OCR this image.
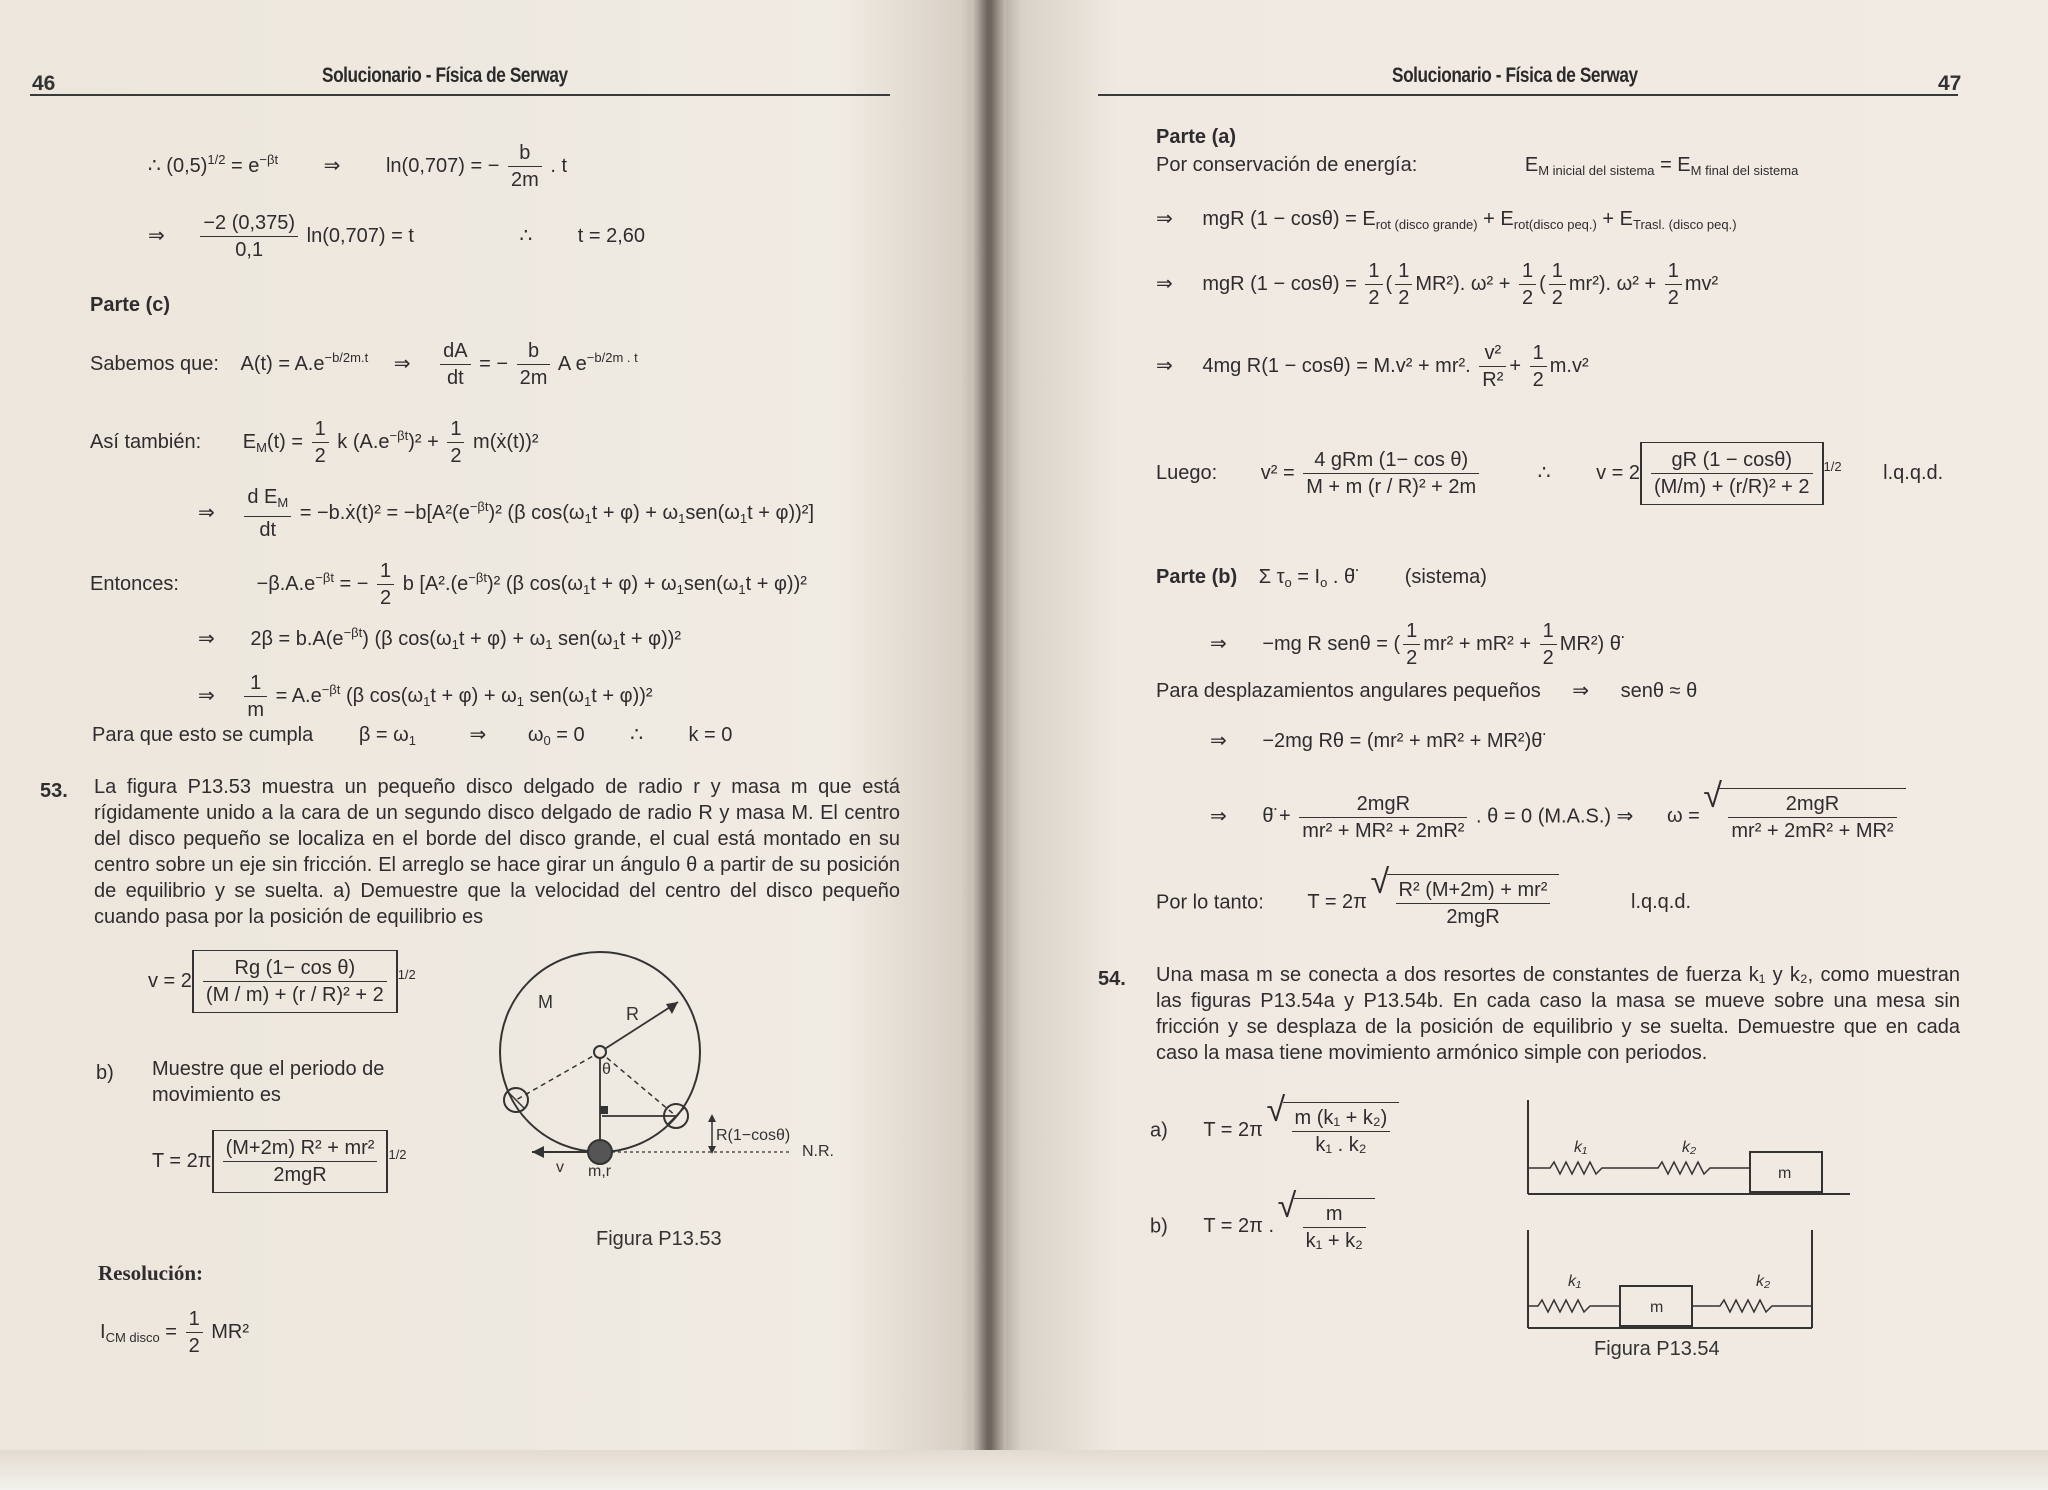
46	Solucionario - Física de Serway	Solucionario - Física de Serway	47
∴ $(0,5)^{1/2} = e^{-\beta t}$ ⇒ ln(0,707) = − $\frac{b}{2m}$ . t
⇒ $\frac{-2 (0,375)}{0,1} \ln(0,707) = t$	∴ t = 2,60
Parte (c)
Sabemos que: $A(t) = A.e^{-b/2m.t}$ ⇒ $\frac{dA}{dt}$ = − $\frac{b}{2m}$ A $e^{-b/2m . t}$
Así también: $E_M(t) = \frac{1}{2}$ k $(A.e^{-\beta t})^2 + \frac{1}{2}$ m(ẋ(t))²
⇒ $\frac{d E_M}{dt}$ = −b.ẋ(t)² = $-b[A^2(e^{-\beta t})^2$ (β $\cos(\omega_1t + \varphi) + \omega_1sen(\omega_1t + \varphi))^2$]
Entonces:	$-\beta.A.e^{-\beta t}$ = − $\frac{1}{2}$ b [$A^2.(e^{-\beta t})^2$ (β $\cos(\omega_1t + \varphi) + \omega_1sen(\omega_1t + \varphi))^2$
⇒ $2\beta = b.A(e^{-\beta t})$ (β $\cos(\omega_1t + \varphi) + \omega_1$ $sen(\omega_1t + \varphi))^2$
⇒ $\frac{1}{m} = A.e^{-\beta t}$ (β $\cos(\omega_1t + \varphi) + \omega_1$ $sen(\omega_1t + \varphi))^2$
Para que esto se cumpla $\beta = \omega_1$	⇒ $\omega_0 = 0$ ∴ k = 0
53. La figura P13.53 muestra un pequeño disco delgado de radio r y masa m que está rígidamente unido a la cara de un segundo disco delgado de radio R y masa M. El centro del disco pequeño se localiza en el borde del disco grande, el cual está montado en su centro sobre un eje sin fricción. El arreglo se hace girar un ángulo θ a partir de su posición de equilibrio y se suelta. a) Demuestre que la velocidad del centro del disco pequeño cuando pasa por la posición de equilibrio es
$v = 2 \frac{\text{Rg (1− cos θ)}}{\text{(M / m) + (r / R)² + 2}} ^{1/2}$
b) Muestre que el periodo de movimiento es
$T = 2\pi \frac{\text{(M+2m) R² + mr²}}{\text{2mgR}} ^{1/2}$
M
R
θ
R(1−cosθ)
N.R.
v m,r
Figura P13.53
Resolución:
$I_{CM disco} = \frac{1}{2} MR^2$
Parte (a)
Por conservación de energía:	$E_{M inicial del sistema} = E_{M final del sistema}$
⇒ mgR $(1 - \cos\theta) = E_{rot (disco grande)} + E_{rot(disco peq.)} + E_{Trasl. (disco peq.)}$
⇒ mgR $(1 - \cos\theta) = \frac{1}{2}$ ( $\frac{1}{2} MR^2$). $\omega^2 + \frac{1}{2}$ ( $\frac{1}{2} mr^2$). $\omega^2 + \frac{1}{2} mv^2$
⇒ 4mg R(1 − cosθ) = M.v² + mr². $\frac{\text{v²}}{\text{R²}} + \frac{1}{2} m.v^2$
Luego: $v^2 = \frac{\text{4 gRm (1− cos θ)}}{\text{M + m (r / R)² + 2m}}$	∴ $v = 2 \frac{gR (1 - \cos\theta)}{\text{(M/m) + (r/R)² + 2}} ^{1/2}$ l.q.q.d.
Parte (b) Σ $\tau_o = I_o$ . θ̈ (sistema)
⇒ −mg R senθ = ( $\frac{1}{2} mr^2 + mR^2 + \frac{1}{2} MR^2$) θ̈
Para desplazamientos angulares pequeños ⇒ senθ ≈ θ
⇒ −2mg Rθ = (mr² + mR² + MR²)θ̈
⇒ θ̈ + $\frac{\text{2mgR}}{\text{mr² + MR² + 2mR²}}$ . θ = 0 (M.A.S.) ⇒ ω = √ $\frac{\text{2mgR}}{\text{mr² + 2mR² + MR²}}$
Por lo tanto: T = 2π √ $\frac{\text{R² (M+2m) + mr²}}{\text{2mgR}}$	l.q.q.d.
54. Una masa m se conecta a dos resortes de constantes de fuerza k₁ y k₂, como muestran las figuras P13.54a y P13.54b. En cada caso la masa se mueve sobre una mesa sin fricción y se desplaza de la posición de equilibrio y se suelta. Demuestre que en cada caso la masa tiene movimiento armónico simple con periodos.
a) T = 2π √ $\frac{\text{m (k₁ + k₂)}}{\text{k₁ . k₂}}$
b) T = 2π . √ $\frac{m}{\text{k₁ + k₂}}$
k₁	k₂
m
k₁	k₂
m
Figura P13.54
